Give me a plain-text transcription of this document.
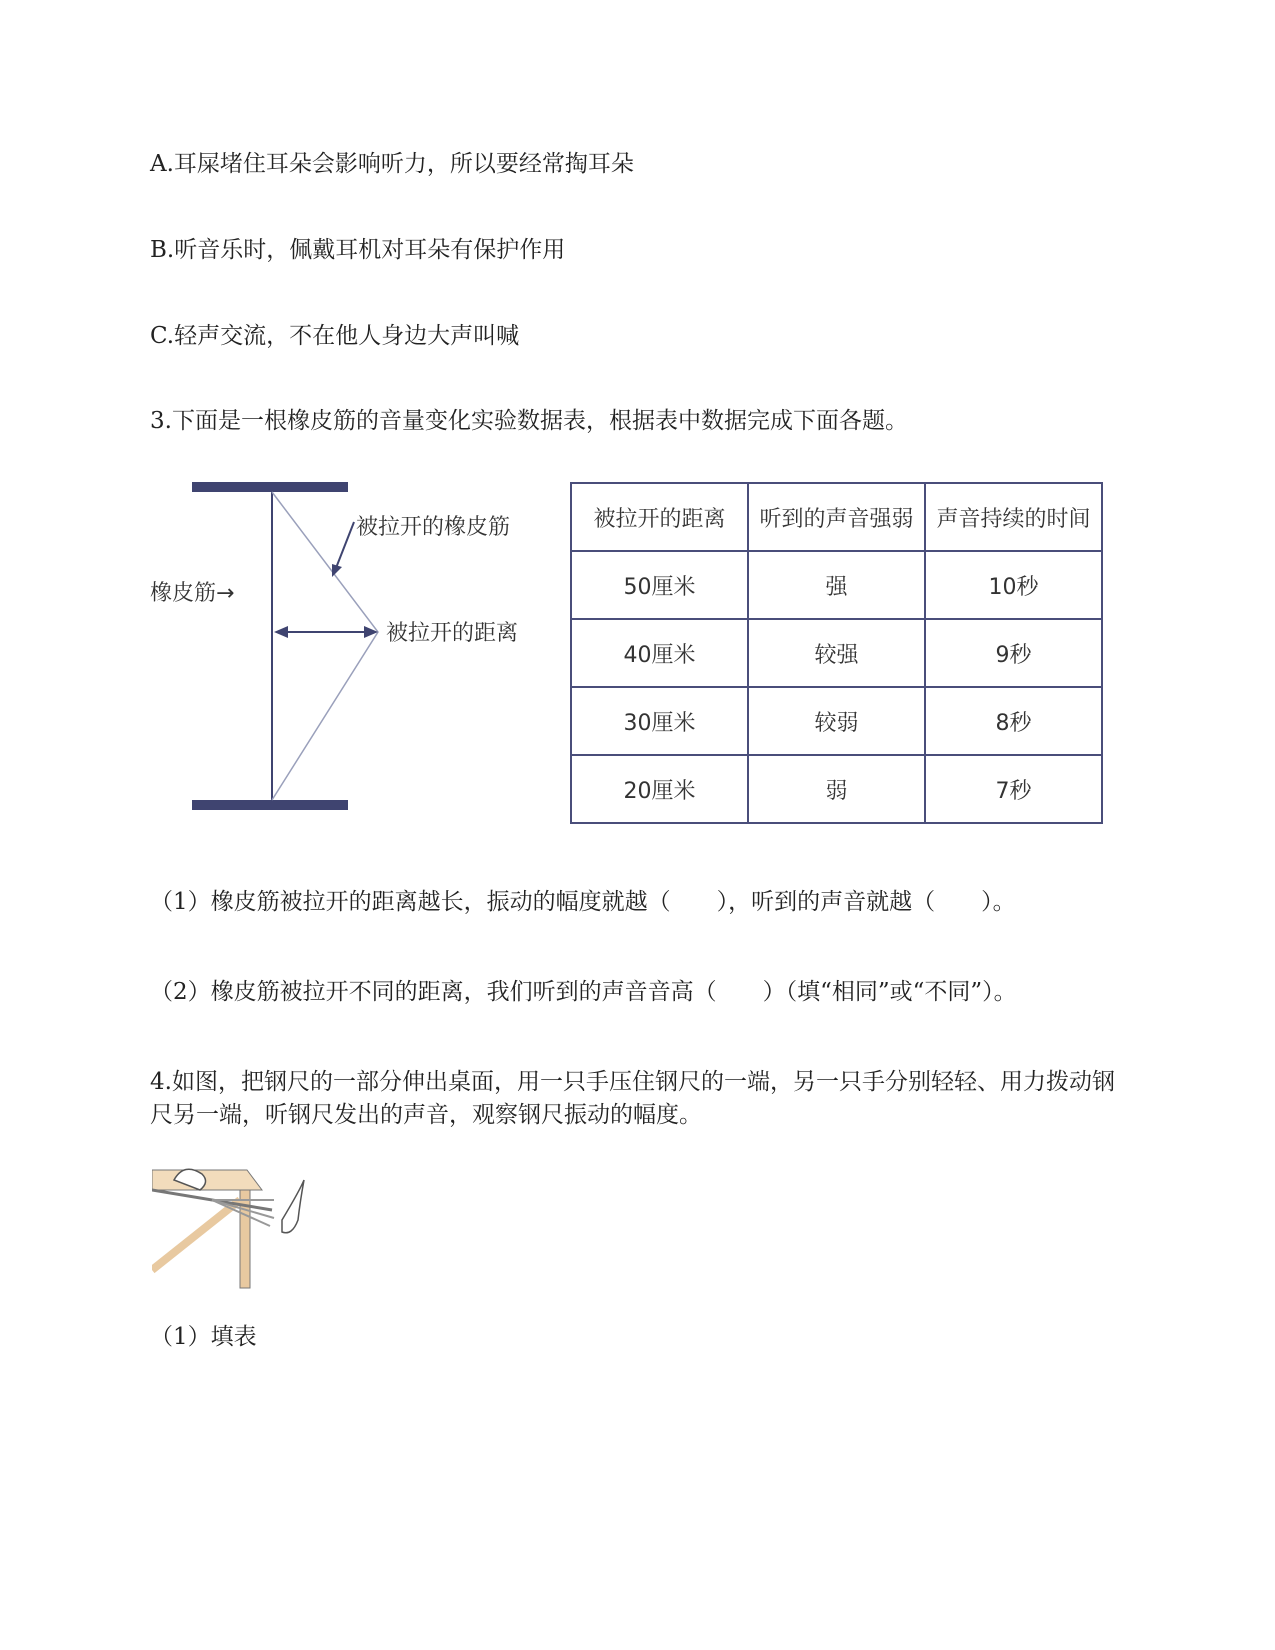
A.耳屎堵住耳朵会影响听力，所以要经常掏耳朵
B.听音乐时，佩戴耳机对耳朵有保护作用
C.轻声交流，不在他人身边大声叫喊
3.下面是一根橡皮筋的音量变化实验数据表，根据表中数据完成下面各题。
橡皮筋→
被拉开的橡皮筋
被拉开的距离
被拉开的距离	听到的声音强弱	声音持续的时间
50厘米	强	10秒
40厘米	较强	9秒
30厘米	较弱	8秒
20厘米	弱	7秒
（1）橡皮筋被拉开的距离越长，振动的幅度就越（　　），听到的声音就越（　　）。
（2）橡皮筋被拉开不同的距离，我们听到的声音音高（　　）（填“相同”或“不同”）。
4.如图，把钢尺的一部分伸出桌面，用一只手压住钢尺的一端，另一只手分别轻轻、用力拨动钢尺另一端，听钢尺发出的声音，观察钢尺振动的幅度。
（1）填表
